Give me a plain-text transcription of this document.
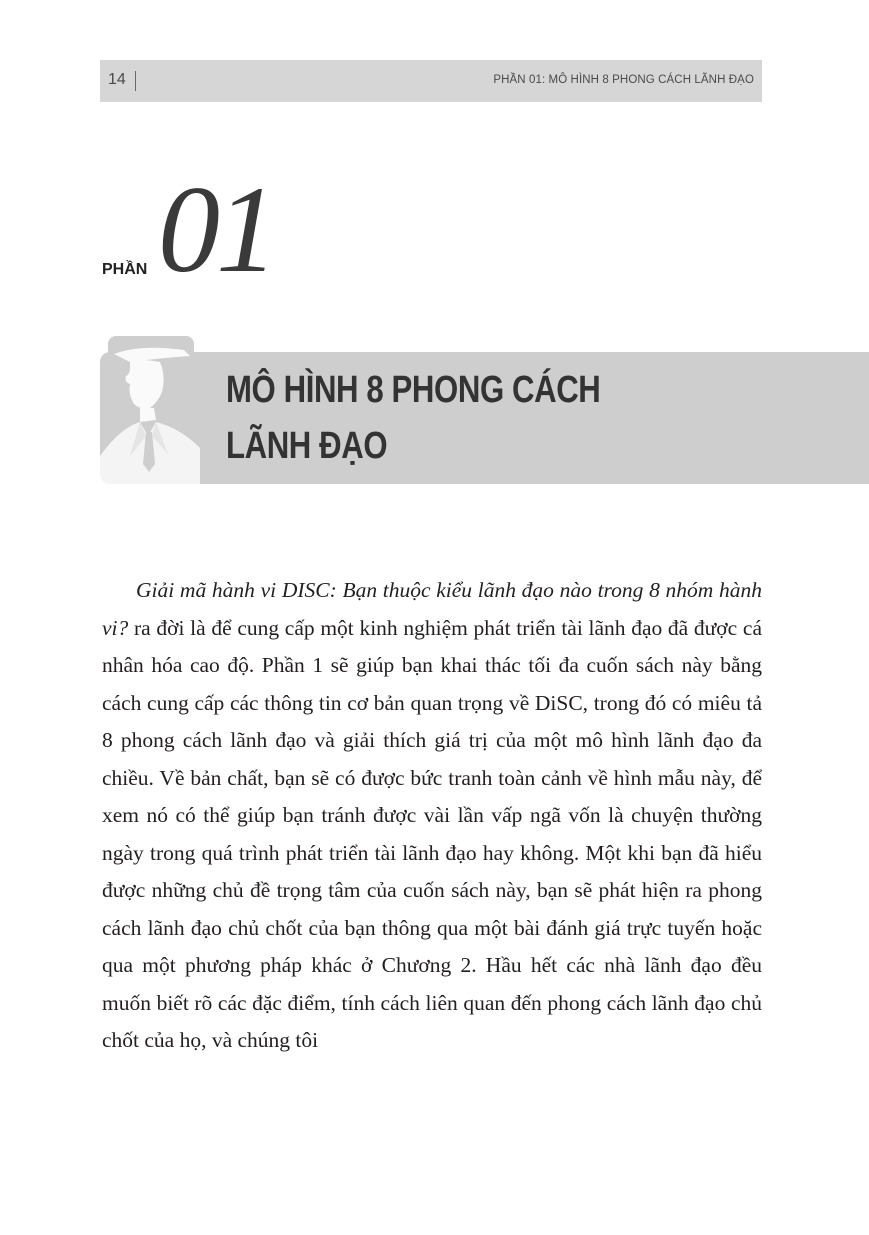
14	PHẦN 01: MÔ HÌNH 8 PHONG CÁCH LÃNH ĐẠO
PHẦN 01
MÔ HÌNH 8 PHONG CÁCH
LÃNH ĐẠO

Giải mã hành vi DISC: Bạn thuộc kiểu lãnh đạo nào trong 8 nhóm hành vi? ra đời là để cung cấp một kinh nghiệm phát triển tài lãnh đạo đã được cá nhân hóa cao độ. Phần 1 sẽ giúp bạn khai thác tối đa cuốn sách này bằng cách cung cấp các thông tin cơ bản quan trọng về DiSC, trong đó có miêu tả 8 phong cách lãnh đạo và giải thích giá trị của một mô hình lãnh đạo đa chiều. Về bản chất, bạn sẽ có được bức tranh toàn cảnh về hình mẫu này, để xem nó có thể giúp bạn tránh được vài lần vấp ngã vốn là chuyện thường ngày trong quá trình phát triển tài lãnh đạo hay không. Một khi bạn đã hiểu được những chủ đề trọng tâm của cuốn sách này, bạn sẽ phát hiện ra phong cách lãnh đạo chủ chốt của bạn thông qua một bài đánh giá trực tuyến hoặc qua một phương pháp khác ở Chương 2. Hầu hết các nhà lãnh đạo đều muốn biết rõ các đặc điểm, tính cách liên quan đến phong cách lãnh đạo chủ chốt của họ, và chúng tôi
